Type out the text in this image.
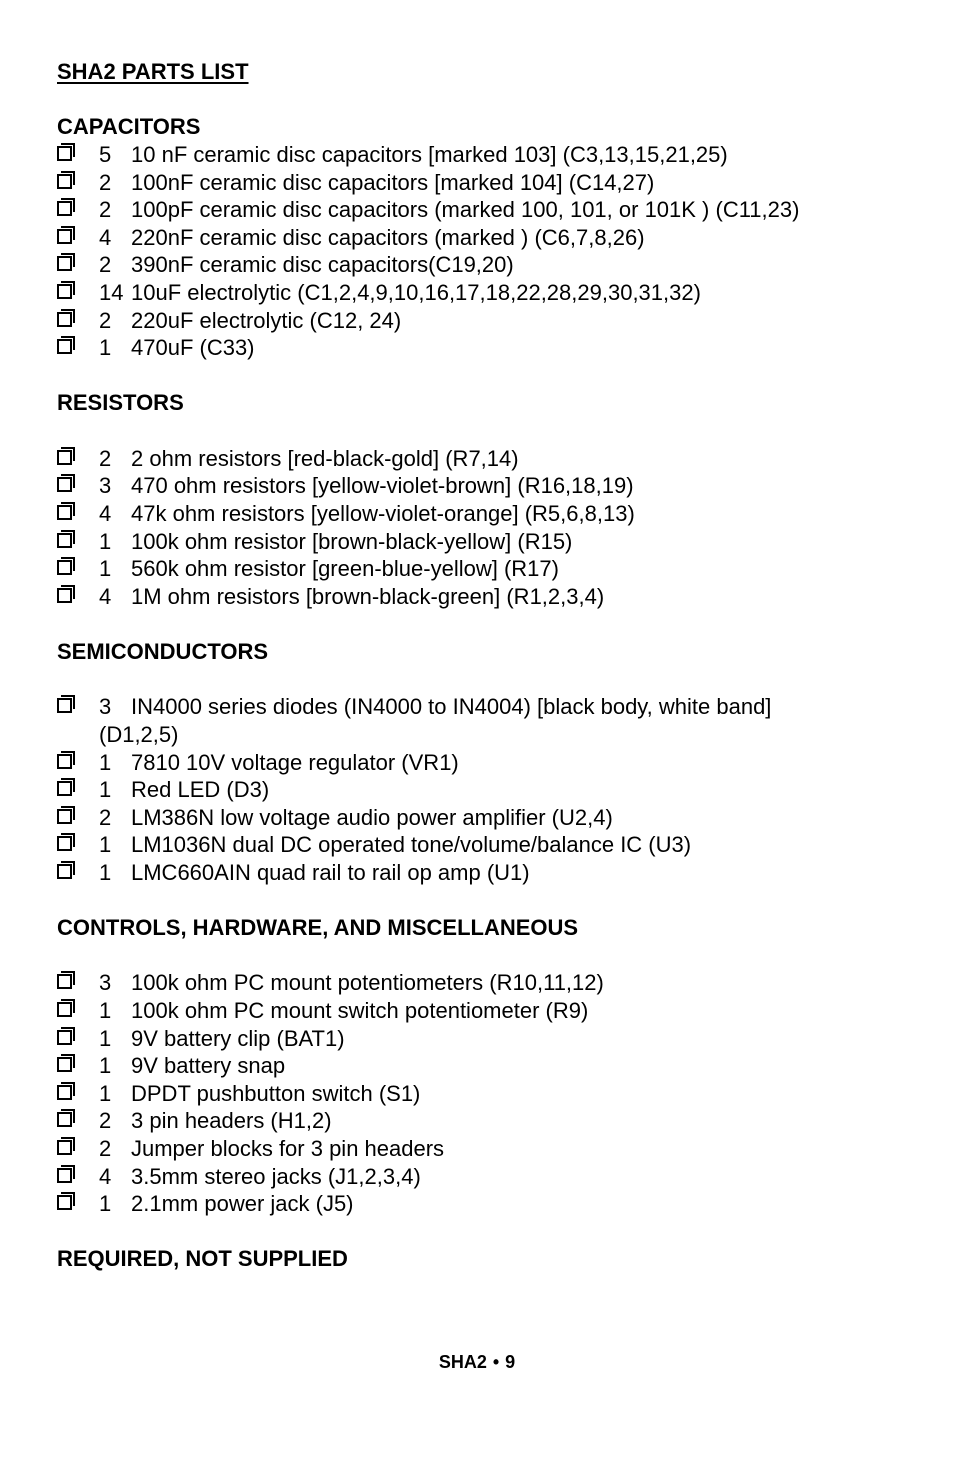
SHA2 PARTS LIST
CAPACITORS
5 10 nF ceramic disc capacitors [marked 103] (C3,13,15,21,25)
2 100nF ceramic disc capacitors [marked 104] (C14,27)
2 100pF ceramic disc capacitors (marked 100, 101, or 101K ) (C11,23)
4 220nF ceramic disc capacitors (marked ) (C6,7,8,26)
2 390nF ceramic disc capacitors(C19,20)
14 10uF electrolytic (C1,2,4,9,10,16,17,18,22,28,29,30,31,32)
2 220uF electrolytic (C12, 24)
1 470uF (C33)
RESISTORS
2 2 ohm resistors [red-black-gold] (R7,14)
3 470 ohm resistors [yellow-violet-brown] (R16,18,19)
4 47k ohm resistors [yellow-violet-orange] (R5,6,8,13)
1 100k ohm resistor [brown-black-yellow] (R15)
1 560k ohm resistor [green-blue-yellow] (R17)
4 1M ohm resistors [brown-black-green] (R1,2,3,4)
SEMICONDUCTORS
3 IN4000 series diodes (IN4000 to IN4004) [black body, white band]
(D1,2,5)
1 7810 10V voltage regulator (VR1)
1 Red LED (D3)
2 LM386N low voltage audio power amplifier (U2,4)
1 LM1036N dual DC operated tone/volume/balance IC (U3)
1 LMC660AIN quad rail to rail op amp (U1)
CONTROLS, HARDWARE, AND MISCELLANEOUS
3 100k ohm PC mount potentiometers (R10,11,12)
1 100k ohm PC mount switch potentiometer (R9)
1 9V battery clip (BAT1)
1 9V battery snap
1 DPDT pushbutton switch (S1)
2 3 pin headers (H1,2)
2 Jumper blocks for 3 pin headers
4 3.5mm stereo jacks (J1,2,3,4)
1 2.1mm power jack (J5)
REQUIRED, NOT SUPPLIED
SHA2 • 9
